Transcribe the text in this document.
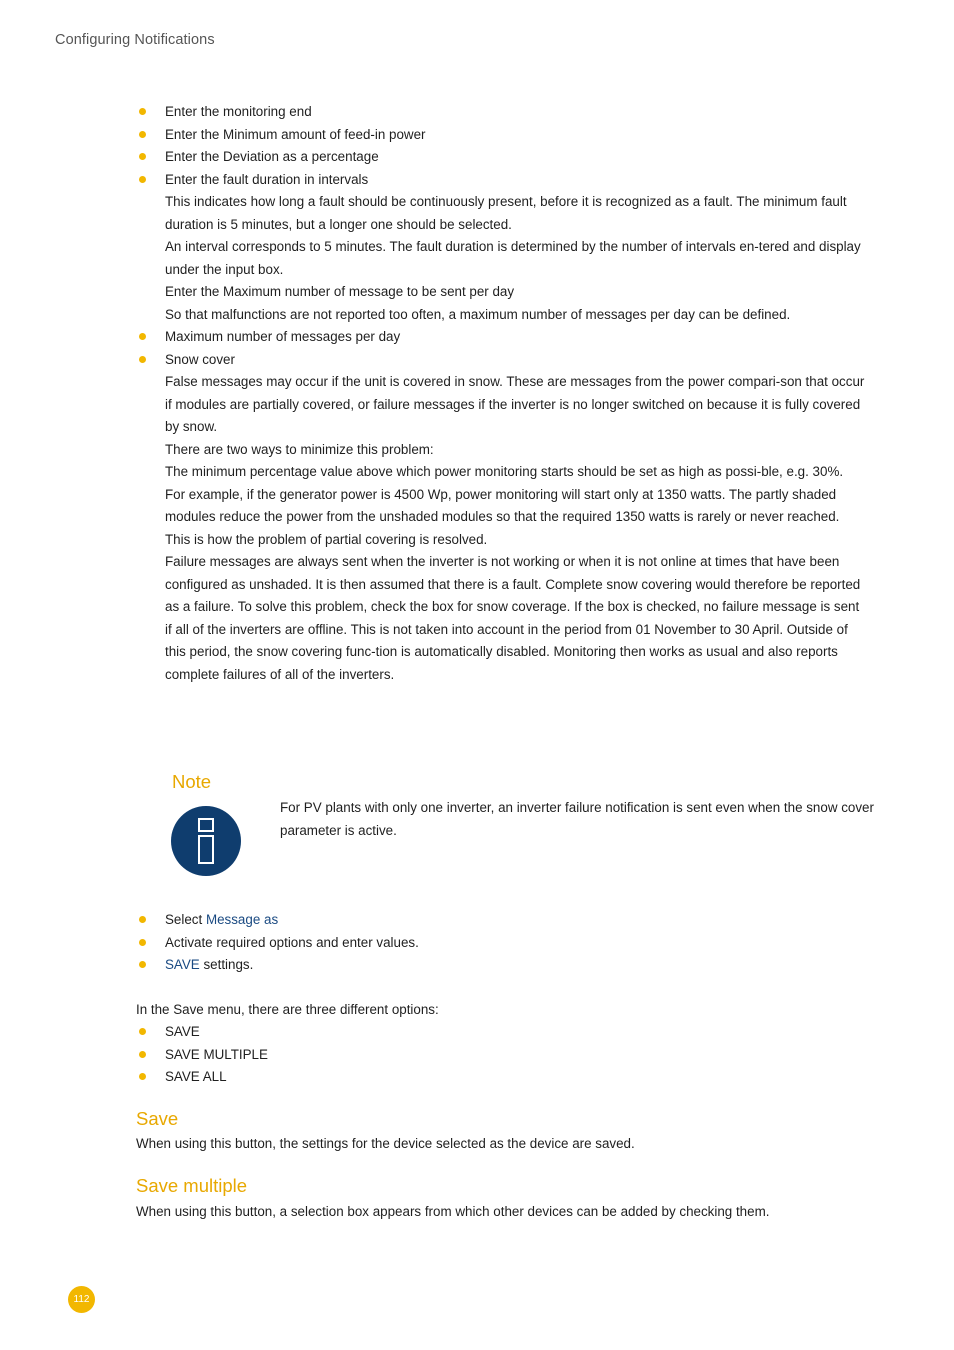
Configuring Notifications
Enter the monitoring end
Enter the Minimum amount of feed-in power
Enter the Deviation as a percentage
Enter the fault duration in intervals

This indicates how long a fault should be continuously present, before it is recognized as a fault. The minimum fault duration is 5 minutes, but a longer one should be selected.

An interval corresponds to 5 minutes. The fault duration is determined by the number of intervals en-tered and display under the input box.

Enter the Maximum number of message to be sent per day

So that malfunctions are not reported too often, a maximum number of messages per day can be defined.

Maximum number of messages per day
Snow cover

False messages may occur if the unit is covered in snow. These are messages from the power compari-son that occur if modules are partially covered, or failure messages if the inverter is no longer switched on because it is fully covered by snow.

There are two ways to minimize this problem:

The minimum percentage value above which power monitoring starts should be set as high as possi-ble, e.g. 30%. For example, if the generator power is 4500 Wp, power monitoring will start only at 1350 watts. The partly shaded modules reduce the power from the unshaded modules so that the required 1350 watts is rarely or never reached. This is how the problem of partial covering is resolved.

Failure messages are always sent when the inverter is not working or when it is not online at times that have been configured as unshaded. It is then assumed that there is a fault. Complete snow covering would therefore be reported as a failure. To solve this problem, check the box for snow coverage. If the box is checked, no failure message is sent if all of the inverters are offline. This is not taken into account in the period from 01 November to 30 April. Outside of this period, the snow covering func-tion is automatically disabled. Monitoring then works as usual and also reports complete failures of all of the inverters.

Note
For PV plants with only one inverter, an inverter failure notification is sent even when the snow cover parameter is active.
Select Message as
Activate required options and enter values.
SAVE settings.
In the Save menu, there are three different options:
SAVE
SAVE MULTIPLE
SAVE ALL
Save
When using this button, the settings for the device selected as the device are saved.
Save multiple
When using this button, a selection box appears from which other devices can be added by checking them.
112
